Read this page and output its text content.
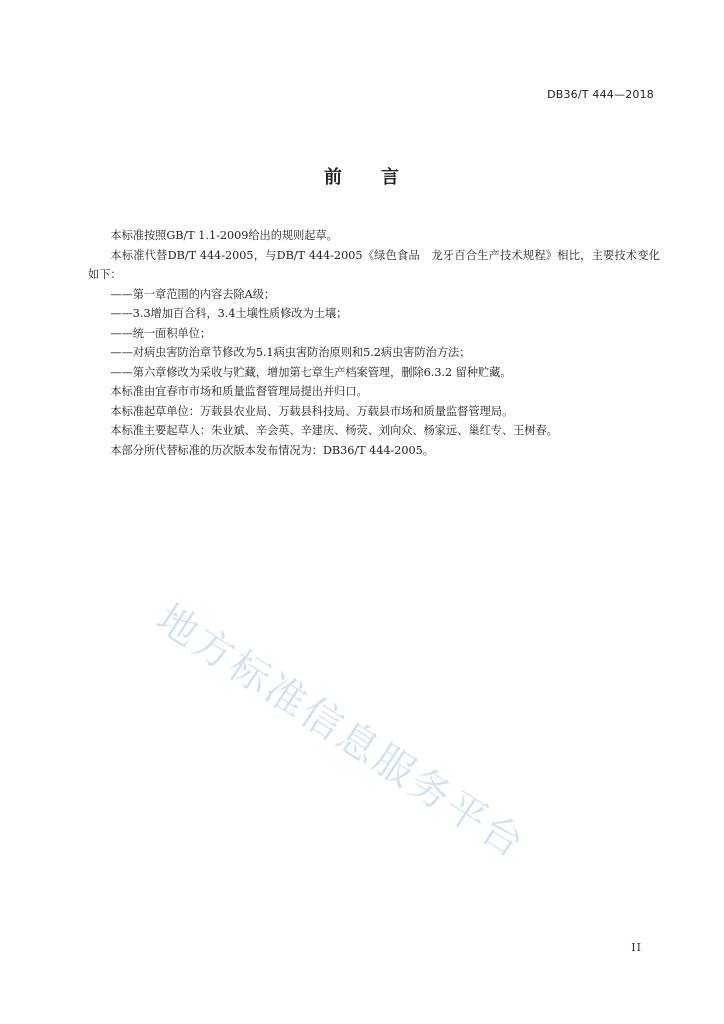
DB36/T 444—2018
前　　言

本标准按照GB/T 1.1-2009给出的规则起草。

本标准代替DB/T 444-2005，与DB/T 444-2005《绿色食品　龙牙百合生产技术规程》相比，主要技术变化如下：

——第一章范围的内容去除A级；

——3.3增加百合科，3.4土壤性质修改为土壤；

——统一面积单位；

——对病虫害防治章节修改为5.1病虫害防治原则和5.2病虫害防治方法；

——第六章修改为采收与贮藏，增加第七章生产档案管理，删除6.3.2 留种贮藏。

本标准由宜春市市场和质量监督管理局提出并归口。

本标准起草单位：万载县农业局、万载县科技局、万载县市场和质量监督管理局。

本标准主要起草人：朱业斌、辛会英、辛建庆、杨荧、刘向众、杨家远、巢红专、王树春。

本部分所代替标准的历次版本发布情况为：DB36/T 444-2005。

地方标准信息服务平台
II
